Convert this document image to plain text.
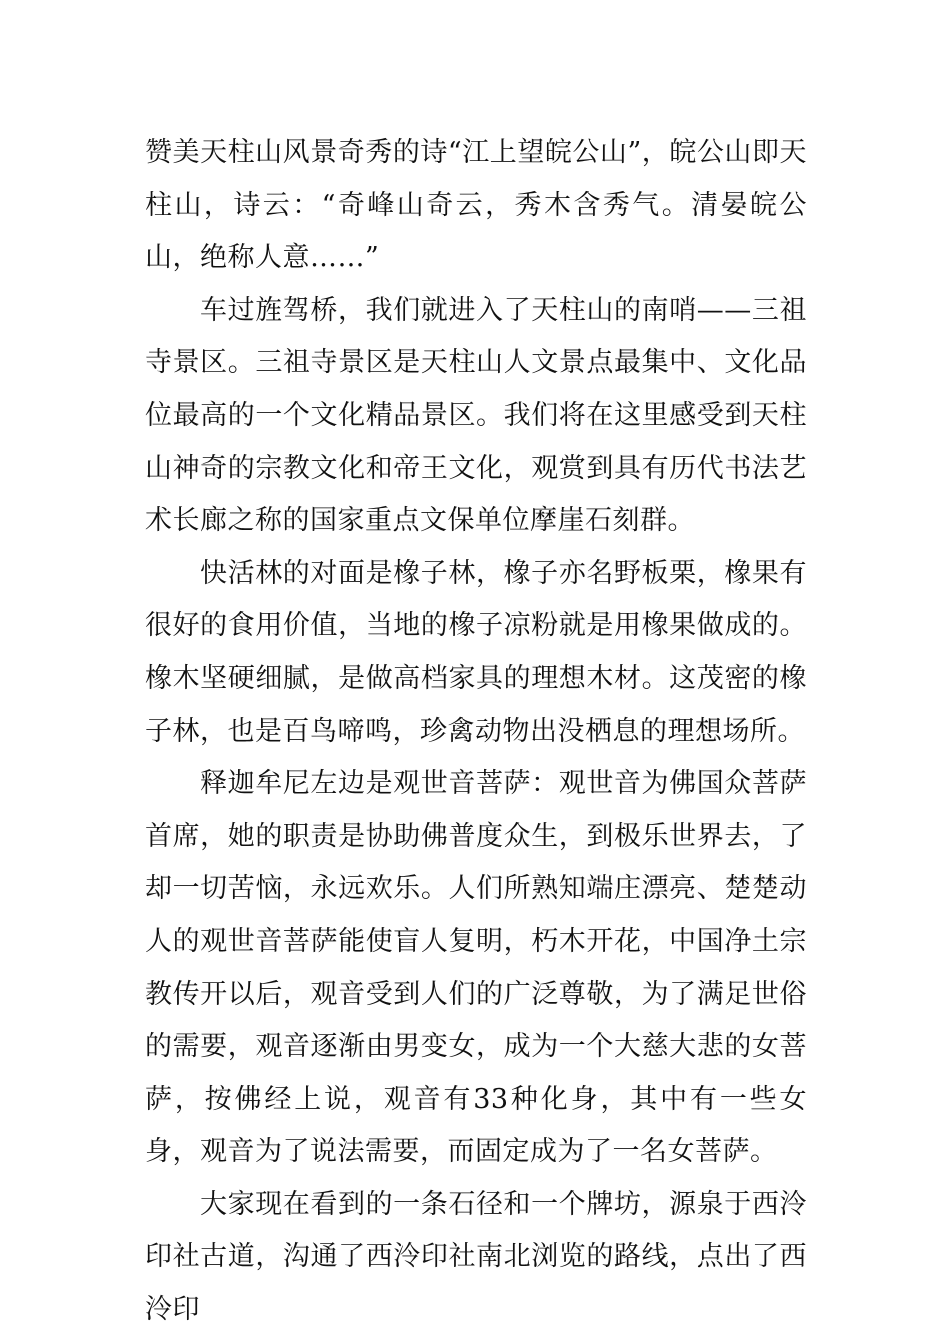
赞美天柱山风景奇秀的诗“江上望皖公山”，皖公山即天柱山，诗云：“奇峰山奇云，秀木含秀气。清晏皖公山，绝称人意……”

车过旌驾桥，我们就进入了天柱山的南哨——三祖寺景区。三祖寺景区是天柱山人文景点最集中、文化品位最高的一个文化精品景区。我们将在这里感受到天柱山神奇的宗教文化和帝王文化，观赏到具有历代书法艺术长廊之称的国家重点文保单位摩崖石刻群。

快活林的对面是橡子林，橡子亦名野板栗，橡果有很好的食用价值，当地的橡子凉粉就是用橡果做成的。橡木坚硬细腻，是做高档家具的理想木材。这茂密的橡子林，也是百鸟啼鸣，珍禽动物出没栖息的理想场所。

释迦牟尼左边是观世音菩萨：观世音为佛国众菩萨首席，她的职责是协助佛普度众生，到极乐世界去，了却一切苦恼，永远欢乐。人们所熟知端庄漂亮、楚楚动人的观世音菩萨能使盲人复明，朽木开花，中国净土宗教传开以后，观音受到人们的广泛尊敬，为了满足世俗的需要，观音逐渐由男变女，成为一个大慈大悲的女菩萨，按佛经上说，观音有33种化身，其中有一些女身，观音为了说法需要，而固定成为了一名女菩萨。

大家现在看到的一条石径和一个牌坊，源泉于西泠印社古道，沟通了西泠印社南北浏览的路线，点出了西泠印
